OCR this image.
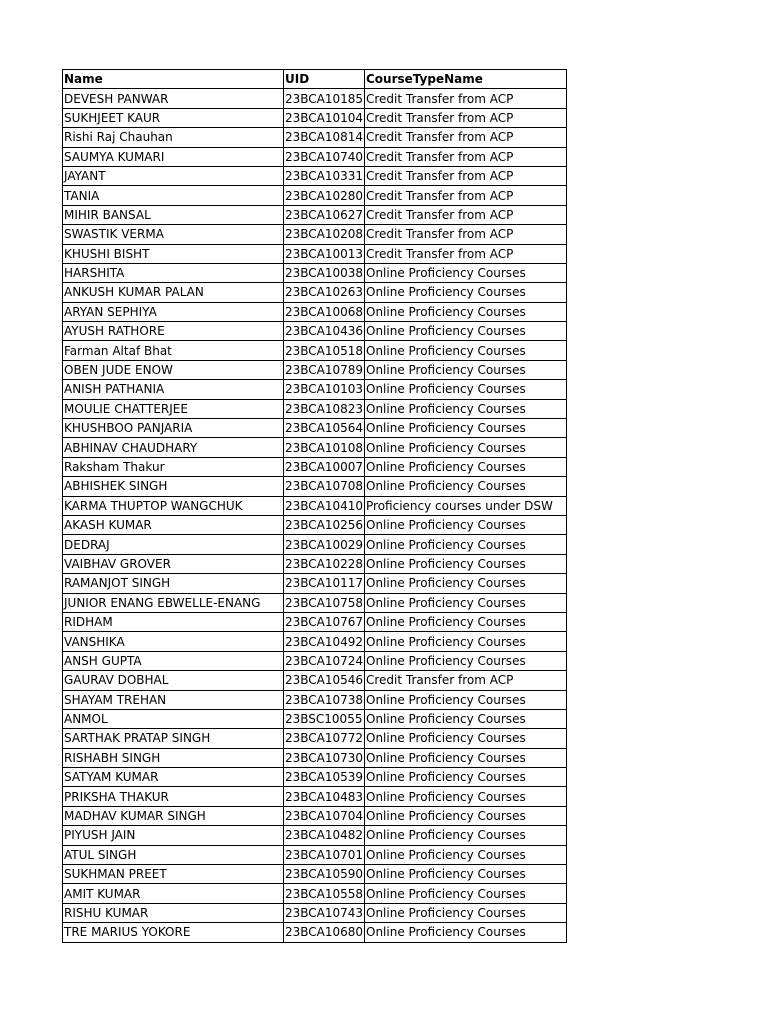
Name	UID	CourseTypeName
DEVESH PANWAR	23BCA10185	Credit Transfer from ACP
SUKHJEET KAUR	23BCA10104	Credit Transfer from ACP
Rishi Raj Chauhan	23BCA10814	Credit Transfer from ACP
SAUMYA KUMARI	23BCA10740	Credit Transfer from ACP
JAYANT	23BCA10331	Credit Transfer from ACP
TANIA	23BCA10280	Credit Transfer from ACP
MIHIR BANSAL	23BCA10627	Credit Transfer from ACP
SWASTIK VERMA	23BCA10208	Credit Transfer from ACP
KHUSHI BISHT	23BCA10013	Credit Transfer from ACP
HARSHITA	23BCA10038	Online Proficiency Courses
ANKUSH KUMAR PALAN	23BCA10263	Online Proficiency Courses
ARYAN SEPHIYA	23BCA10068	Online Proficiency Courses
AYUSH RATHORE	23BCA10436	Online Proficiency Courses
Farman Altaf Bhat	23BCA10518	Online Proficiency Courses
OBEN JUDE ENOW	23BCA10789	Online Proficiency Courses
ANISH PATHANIA	23BCA10103	Online Proficiency Courses
MOULIE CHATTERJEE	23BCA10823	Online Proficiency Courses
KHUSHBOO PANJARIA	23BCA10564	Online Proficiency Courses
ABHINAV CHAUDHARY	23BCA10108	Online Proficiency Courses
Raksham Thakur	23BCA10007	Online Proficiency Courses
ABHISHEK SINGH	23BCA10708	Online Proficiency Courses
KARMA THUPTOP WANGCHUK	23BCA10410	Proficiency courses under DSW
AKASH KUMAR	23BCA10256	Online Proficiency Courses
DEDRAJ	23BCA10029	Online Proficiency Courses
VAIBHAV GROVER	23BCA10228	Online Proficiency Courses
RAMANJOT SINGH	23BCA10117	Online Proficiency Courses
JUNIOR ENANG EBWELLE-ENANG	23BCA10758	Online Proficiency Courses
RIDHAM	23BCA10767	Online Proficiency Courses
VANSHIKA	23BCA10492	Online Proficiency Courses
ANSH GUPTA	23BCA10724	Online Proficiency Courses
GAURAV DOBHAL	23BCA10546	Credit Transfer from ACP
SHAYAM TREHAN	23BCA10738	Online Proficiency Courses
ANMOL	23BSC10055	Online Proficiency Courses
SARTHAK PRATAP SINGH	23BCA10772	Online Proficiency Courses
RISHABH SINGH	23BCA10730	Online Proficiency Courses
SATYAM KUMAR	23BCA10539	Online Proficiency Courses
PRIKSHA THAKUR	23BCA10483	Online Proficiency Courses
MADHAV KUMAR SINGH	23BCA10704	Online Proficiency Courses
PIYUSH JAIN	23BCA10482	Online Proficiency Courses
ATUL SINGH	23BCA10701	Online Proficiency Courses
SUKHMAN PREET	23BCA10590	Online Proficiency Courses
AMIT KUMAR	23BCA10558	Online Proficiency Courses
RISHU KUMAR	23BCA10743	Online Proficiency Courses
TRE MARIUS YOKORE	23BCA10680	Online Proficiency Courses
